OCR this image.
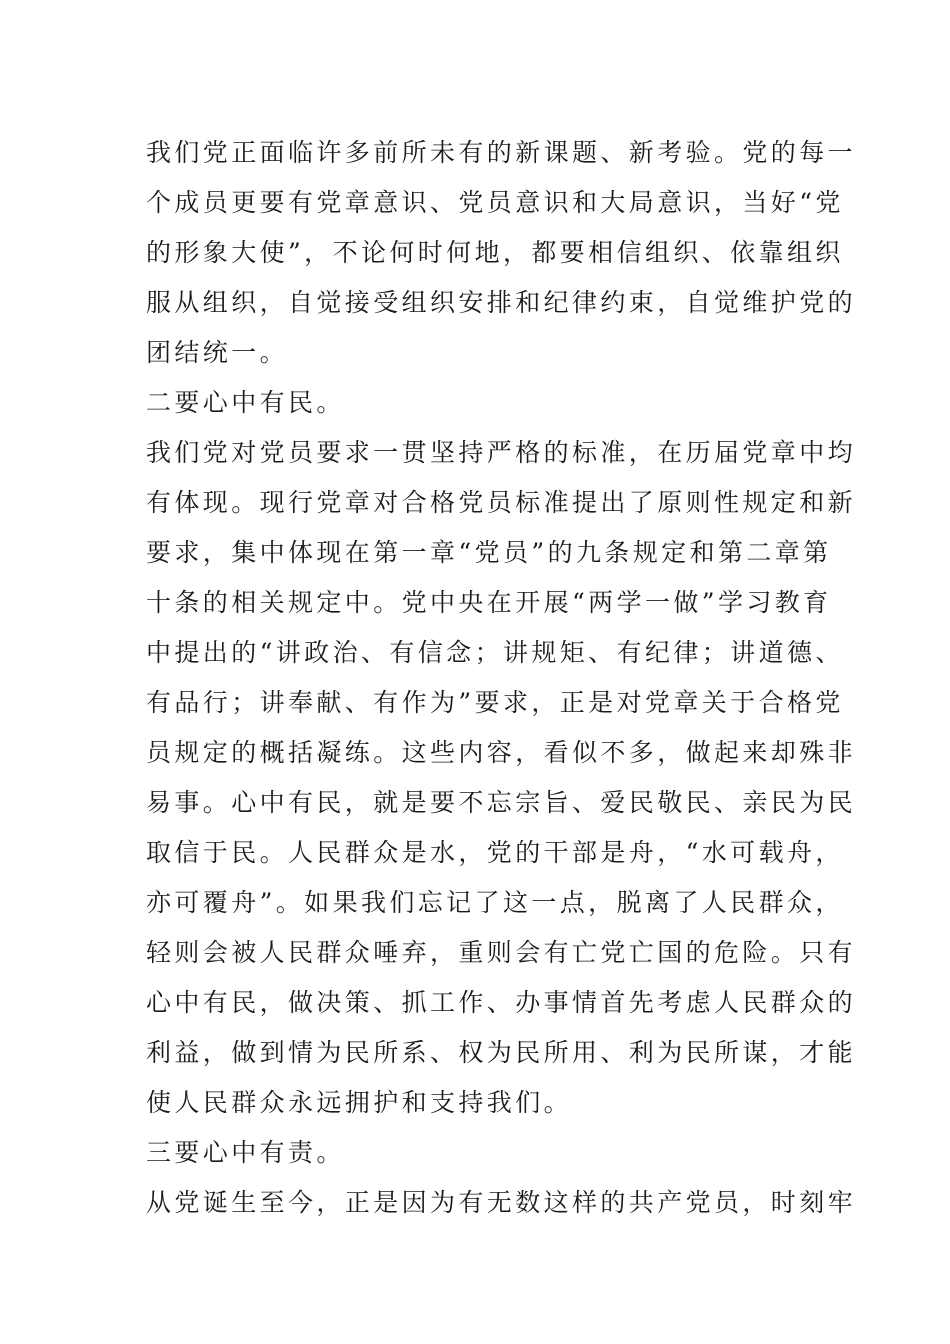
我们党正面临许多前所未有的新课题、新考验。党的每一
个成员更要有党章意识、党员意识和大局意识，当好“党
的形象大使”，不论何时何地，都要相信组织、依靠组织
服从组织，自觉接受组织安排和纪律约束，自觉维护党的
团结统一。
二要心中有民。
我们党对党员要求一贯坚持严格的标准，在历届党章中均
有体现。现行党章对合格党员标准提出了原则性规定和新
要求，集中体现在第一章“党员”的九条规定和第二章第
十条的相关规定中。党中央在开展“两学一做”学习教育
中提出的“讲政治、有信念；讲规矩、有纪律；讲道德、
有品行；讲奉献、有作为”要求，正是对党章关于合格党
员规定的概括凝练。这些内容，看似不多，做起来却殊非
易事。心中有民，就是要不忘宗旨、爱民敬民、亲民为民
取信于民。人民群众是水，党的干部是舟，“水可载舟，
亦可覆舟”。如果我们忘记了这一点，脱离了人民群众，
轻则会被人民群众唾弃，重则会有亡党亡国的危险。只有
心中有民，做决策、抓工作、办事情首先考虑人民群众的
利益，做到情为民所系、权为民所用、利为民所谋，才能
使人民群众永远拥护和支持我们。
三要心中有责。
从党诞生至今，正是因为有无数这样的共产党员，时刻牢
